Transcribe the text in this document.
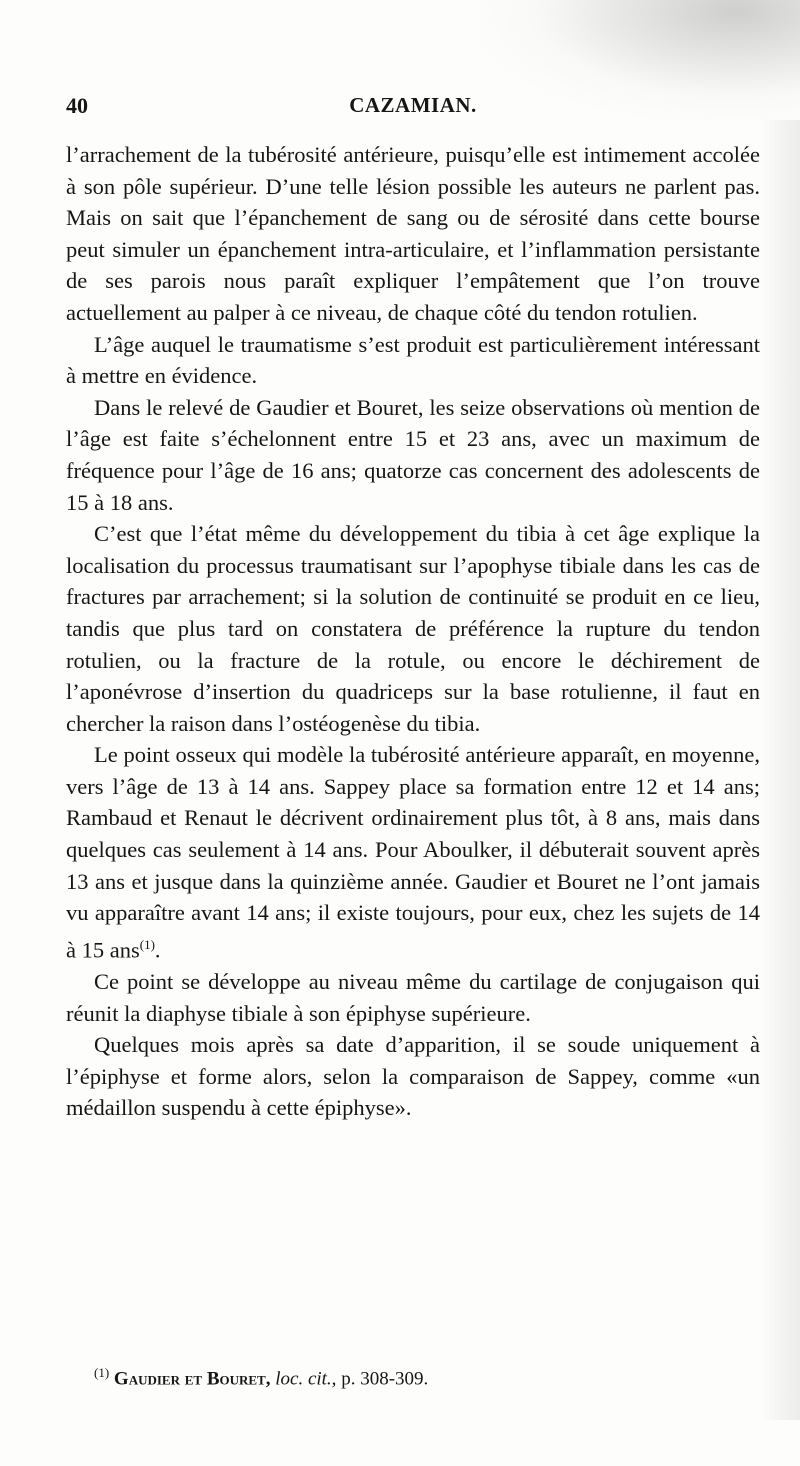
40	CAZAMIAN.

l’arrachement de la tubérosité antérieure, puisqu’elle est intimement accolée à son pôle supérieur. D’une telle lésion possible les auteurs ne parlent pas. Mais on sait que l’épanchement de sang ou de sérosité dans cette bourse peut simuler un épanchement intra-articulaire, et l’inflammation persistante de ses parois nous paraît expliquer l’empâtement que l’on trouve actuellement au palper à ce niveau, de chaque côté du tendon rotulien.

L’âge auquel le traumatisme s’est produit est particulièrement intéressant à mettre en évidence.

Dans le relevé de Gaudier et Bouret, les seize observations où mention de l’âge est faite s’échelonnent entre 15 et 23 ans, avec un maximum de fréquence pour l’âge de 16 ans; quatorze cas concernent des adolescents de 15 à 18 ans.

C’est que l’état même du développement du tibia à cet âge explique la localisation du processus traumatisant sur l’apophyse tibiale dans les cas de fractures par arrachement; si la solution de continuité se produit en ce lieu, tandis que plus tard on constatera de préférence la rupture du tendon rotulien, ou la fracture de la rotule, ou encore le déchirement de l’aponévrose d’insertion du quadriceps sur la base rotulienne, il faut en chercher la raison dans l’ostéogenèse du tibia.

Le point osseux qui modèle la tubérosité antérieure apparaît, en moyenne, vers l’âge de 13 à 14 ans. Sappey place sa formation entre 12 et 14 ans; Rambaud et Renaut le décrivent ordinairement plus tôt, à 8 ans, mais dans quelques cas seulement à 14 ans. Pour Aboulker, il débuterait souvent après 13 ans et jusque dans la quinzième année. Gaudier et Bouret ne l’ont jamais vu apparaître avant 14 ans; il existe toujours, pour eux, chez les sujets de 14 à 15 ans$^{(1)}$.

Ce point se développe au niveau même du cartilage de conjugaison qui réunit la diaphyse tibiale à son épiphyse supérieure.

Quelques mois après sa date d’apparition, il se soude uniquement à l’épiphyse et forme alors, selon la comparaison de Sappey, comme «un médaillon suspendu à cette épiphyse».

$^{(1)}$ Gaudier et Bouret, loc. cit., p. 308-309.
